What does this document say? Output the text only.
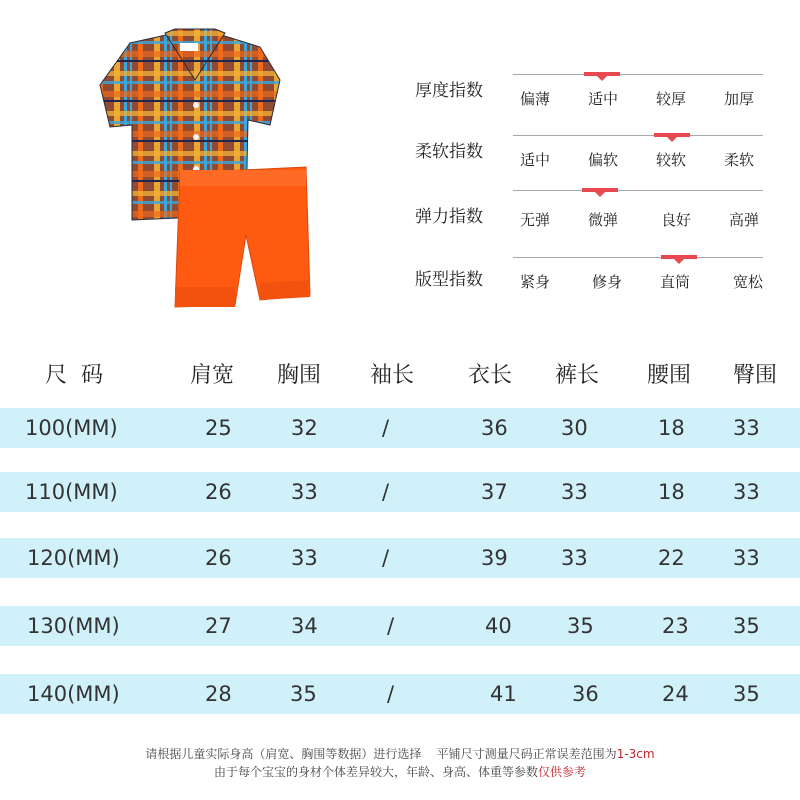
厚度指数 偏薄	适中	较厚	加厚
柔软指数 适中	偏软	较软	柔软
弹力指数 无弹	微弹	良好	高弹
版型指数 紧身	修身	直筒	宽松
尺  码	肩宽 胸围 袖长 衣长 裤长 腰围 臀围
100(MM)	25	32	/	36	30	18 33
110(MM)	26	33	/	37	33	18 33
120(MM)	26	33	/	39	33	22 33
130(MM)	27	34	/	40	35	23 35
140(MM)	28	35	/	41	36	24 35
请根据儿童实际身高（肩宽、胸围等数据）进行选择    平铺尺寸测量尺码正常误差范围为1-3cm
由于每个宝宝的身材个体差异较大，年龄、身高、体重等参数仅供参考
